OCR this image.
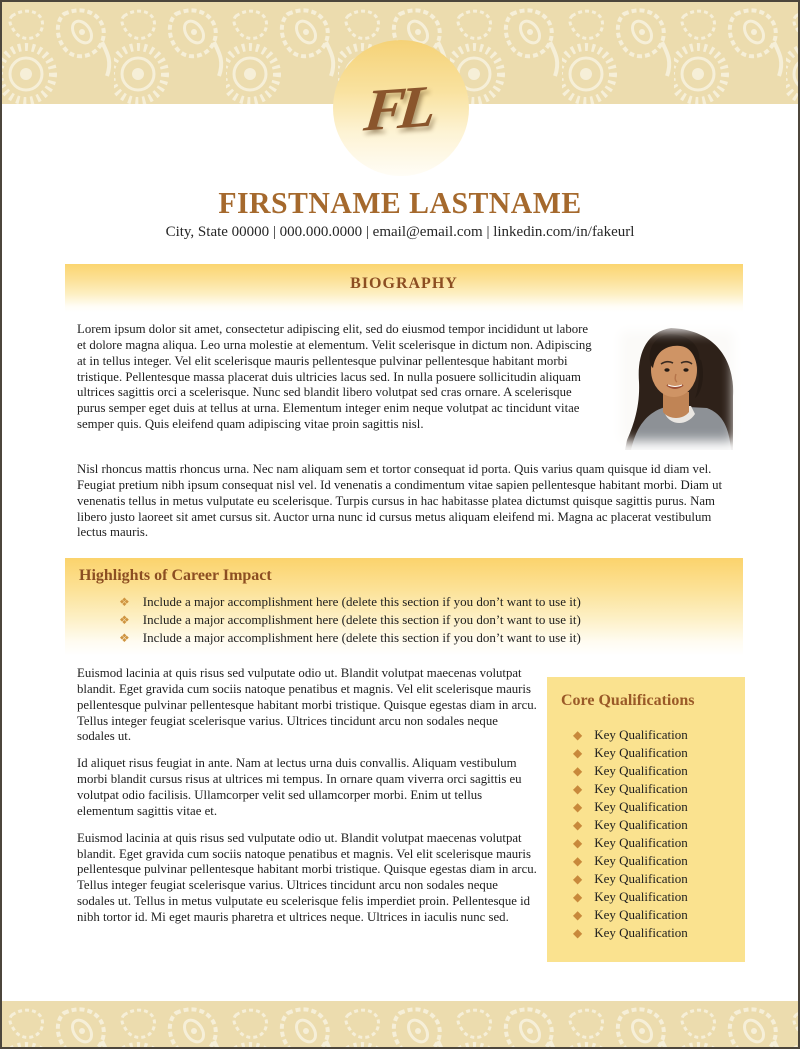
FL
FIRSTNAME LASTNAME
City, State 00000 | 000.000.0000 | email@email.com | linkedin.com/in/fakeurl
BIOGRAPHY
Lorem ipsum dolor sit amet, consectetur adipiscing elit, sed do eiusmod tempor incididunt ut labore et dolore magna aliqua. Leo urna molestie at elementum. Velit scelerisque in dictum non. Adipiscing at in tellus integer. Vel elit scelerisque mauris pellentesque pulvinar pellentesque habitant morbi tristique. Pellentesque massa placerat duis ultricies lacus sed. In nulla posuere sollicitudin aliquam ultrices sagittis orci a scelerisque. Nunc sed blandit libero volutpat sed cras ornare. A scelerisque purus semper eget duis at tellus at urna. Elementum integer enim neque volutpat ac tincidunt vitae semper quis. Quis eleifend quam adipiscing vitae proin sagittis nisl.
Nisl rhoncus mattis rhoncus urna. Nec nam aliquam sem et tortor consequat id porta. Quis varius quam quisque id diam vel. Feugiat pretium nibh ipsum consequat nisl vel. Id venenatis a condimentum vitae sapien pellentesque habitant morbi. Diam ut venenatis tellus in metus vulputate eu scelerisque. Turpis cursus in hac habitasse platea dictumst quisque sagittis purus. Nam libero justo laoreet sit amet cursus sit. Auctor urna nunc id cursus metus aliquam eleifend mi. Magna ac placerat vestibulum lectus mauris.
Highlights of Career Impact
❖ Include a major accomplishment here (delete this section if you don’t want to use it)
❖ Include a major accomplishment here (delete this section if you don’t want to use it)
❖ Include a major accomplishment here (delete this section if you don’t want to use it)
Euismod lacinia at quis risus sed vulputate odio ut. Blandit volutpat maecenas volutpat blandit. Eget gravida cum sociis natoque penatibus et magnis. Vel elit scelerisque mauris pellentesque pulvinar pellentesque habitant morbi tristique. Quisque egestas diam in arcu. Tellus integer feugiat scelerisque varius. Ultrices tincidunt arcu non sodales neque sodales ut.
Id aliquet risus feugiat in ante. Nam at lectus urna duis convallis. Aliquam vestibulum morbi blandit cursus risus at ultrices mi tempus. In ornare quam viverra orci sagittis eu volutpat odio facilisis. Ullamcorper velit sed ullamcorper morbi. Enim ut tellus elementum sagittis vitae et.
Euismod lacinia at quis risus sed vulputate odio ut. Blandit volutpat maecenas volutpat blandit. Eget gravida cum sociis natoque penatibus et magnis. Vel elit scelerisque mauris pellentesque pulvinar pellentesque habitant morbi tristique. Quisque egestas diam in arcu. Tellus integer feugiat scelerisque varius. Ultrices tincidunt arcu non sodales neque sodales ut. Tellus in metus vulputate eu scelerisque felis imperdiet proin. Pellentesque id nibh tortor id. Mi eget mauris pharetra et ultrices neque. Ultrices in iaculis nunc sed.
Core Qualifications
◆ Key Qualification
◆ Key Qualification
◆ Key Qualification
◆ Key Qualification
◆ Key Qualification
◆ Key Qualification
◆ Key Qualification
◆ Key Qualification
◆ Key Qualification
◆ Key Qualification
◆ Key Qualification
◆ Key Qualification
